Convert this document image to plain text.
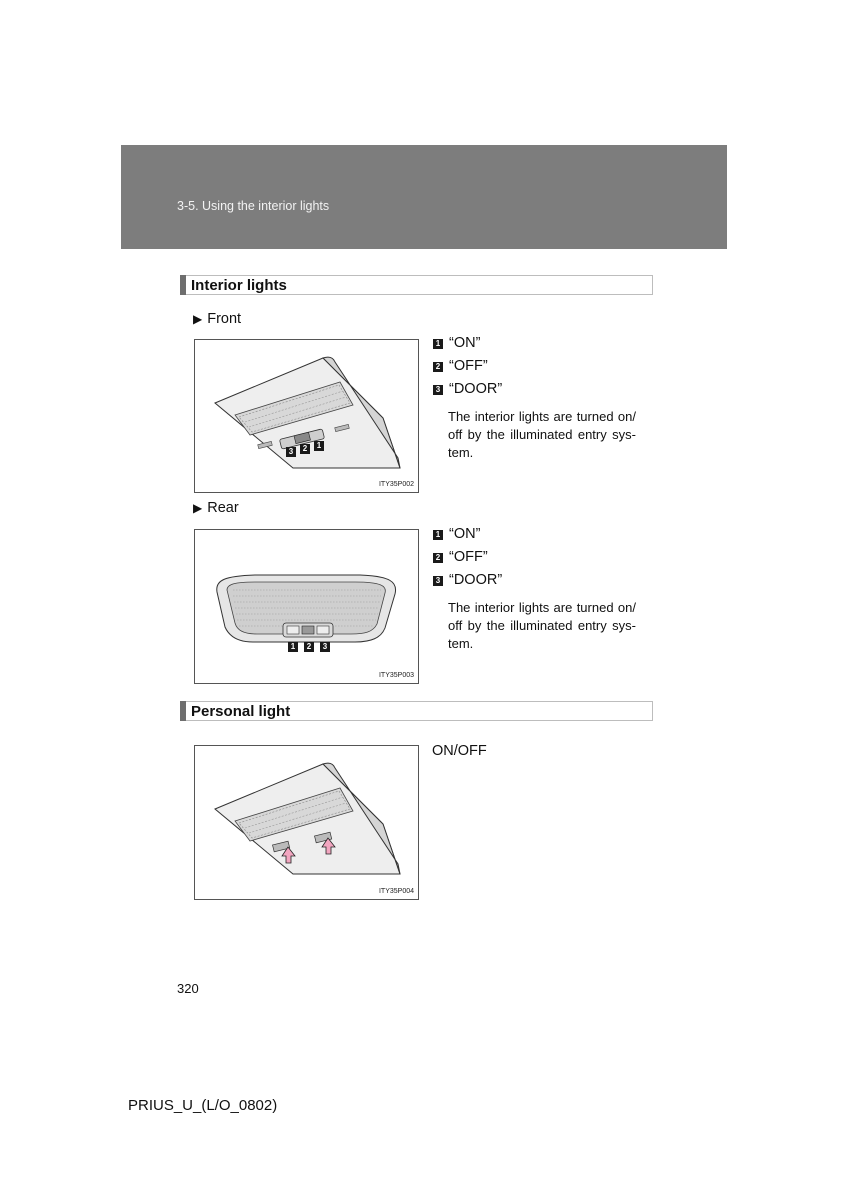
3-5. Using the interior lights
Interior lights
▶ Front
3	2	1
ITY35P002
1 “ON”
2 “OFF”
3 “DOOR”
The interior lights are turned on/ off by the illuminated entry sys- tem.
▶ Rear
1	2	3
ITY35P003
1 “ON”
2 “OFF”
3 “DOOR”
The interior lights are turned on/ off by the illuminated entry sys- tem.
Personal light
ITY35P004
ON/OFF
320
PRIUS_U_(L/O_0802)
